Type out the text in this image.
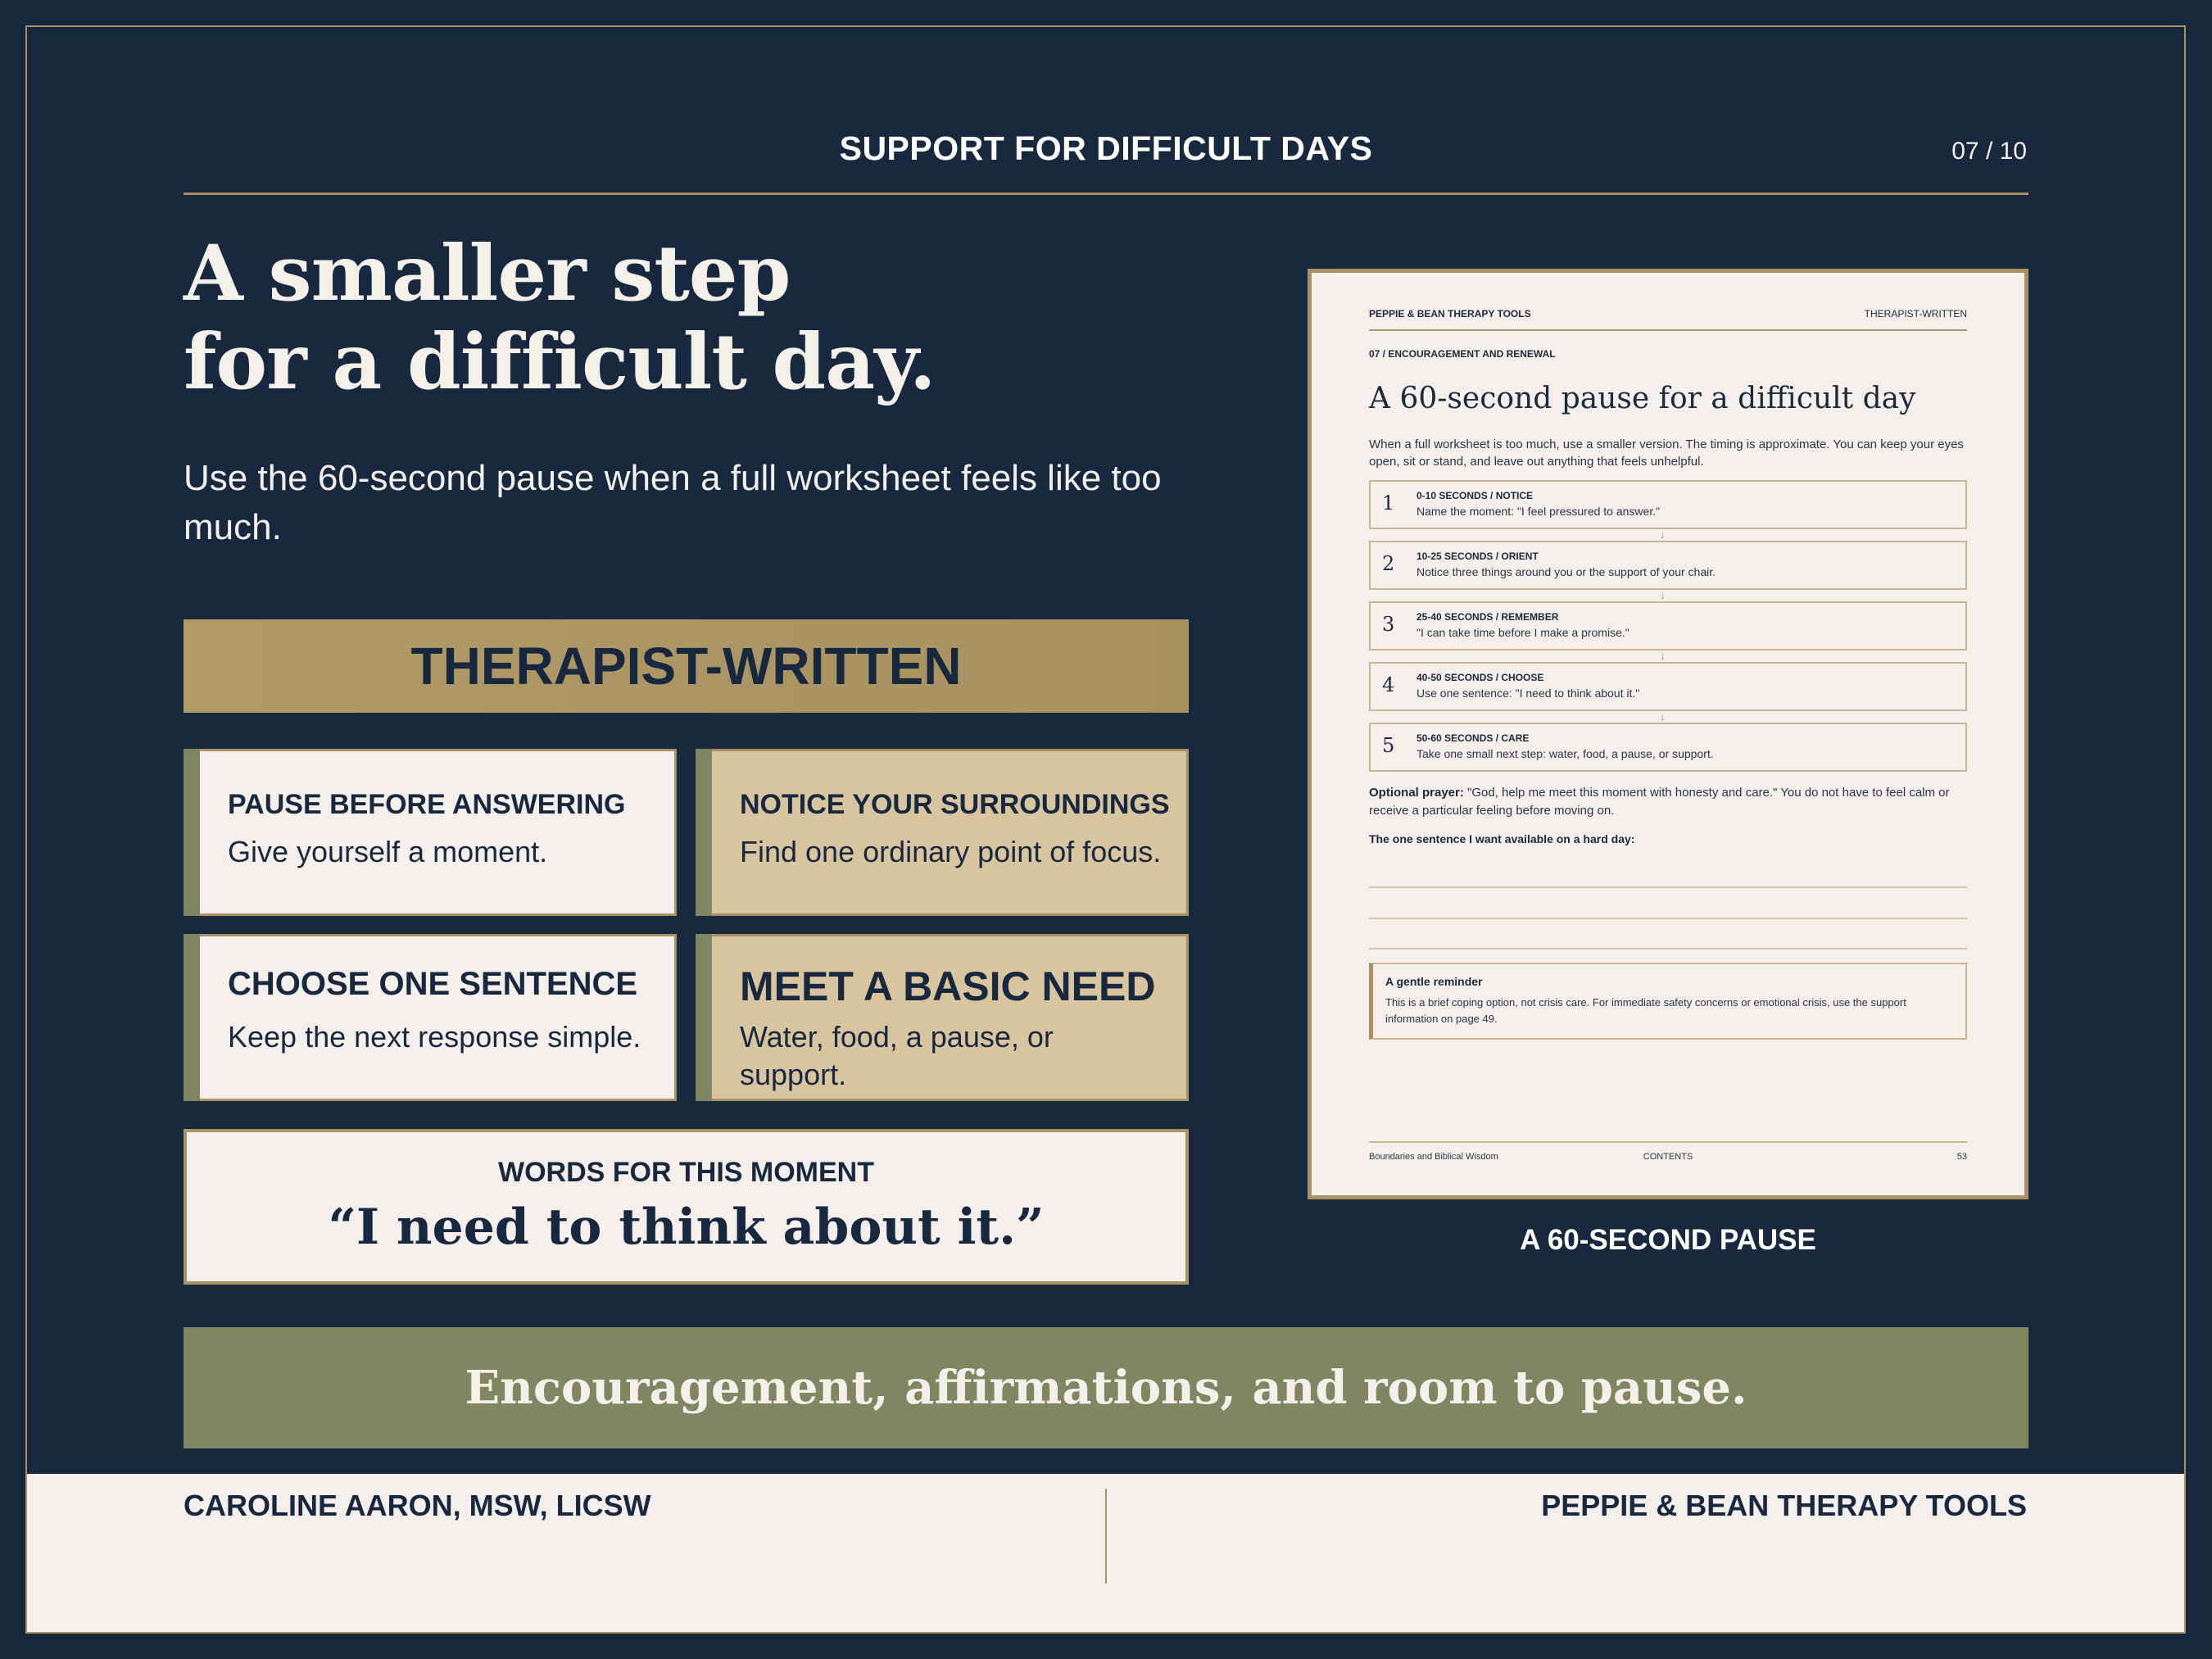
SUPPORT FOR DIFFICULT DAYS	07 / 10
A smaller step
for a difficult day.
Use the 60-second pause when a full worksheet feels like too much.
THERAPIST-WRITTEN
PAUSE BEFORE ANSWERING
Give yourself a moment.
NOTICE YOUR SURROUNDINGS
Find one ordinary point of focus.
CHOOSE ONE SENTENCE
Keep the next response simple.
MEET A BASIC NEED
Water, food, a pause, or support.
WORDS FOR THIS MOMENT
“I need to think about it.”
Encouragement, affirmations, and room to pause.
PEPPIE & BEAN THERAPY TOOLS	THERAPIST-WRITTEN
07 / ENCOURAGEMENT AND RENEWAL
A 60-second pause for a difficult day
When a full worksheet is too much, use a smaller version. The timing is approximate. You can keep your eyes open, sit or stand, and leave out anything that feels unhelpful.
1 0-10 SECONDS / NOTICE
Name the moment: "I feel pressured to answer."
↓
2 10-25 SECONDS / ORIENT
Notice three things around you or the support of your chair.
↓
3 25-40 SECONDS / REMEMBER
"I can take time before I make a promise."
↓
4 40-50 SECONDS / CHOOSE
Use one sentence: "I need to think about it."
↓
5 50-60 SECONDS / CARE
Take one small next step: water, food, a pause, or support.
Optional prayer: "God, help me meet this moment with honesty and care." You do not have to feel calm or receive a particular feeling before moving on.
The one sentence I want available on a hard day:
A gentle reminder
This is a brief coping option, not crisis care. For immediate safety concerns or emotional crisis, use the support information on page 49.
Boundaries and Biblical Wisdom	CONTENTS	53
A 60-SECOND PAUSE
CAROLINE AARON, MSW, LICSW	PEPPIE & BEAN THERAPY TOOLS
